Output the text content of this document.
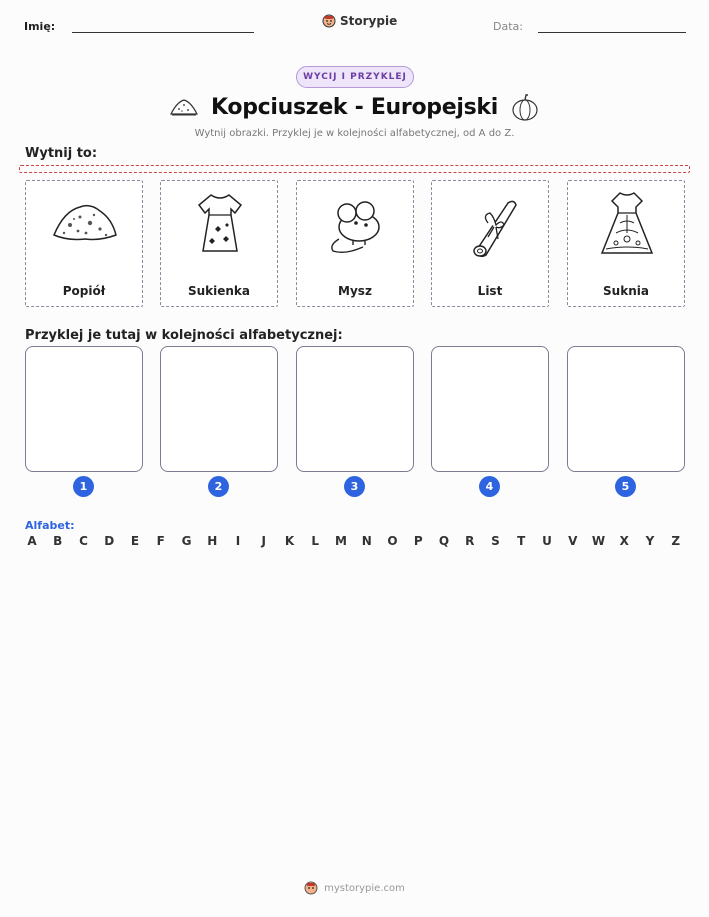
Imię:	Storypie	Data:
WYCIJ I PRZYKLEJ
Kopciuszek - Europejski
Wytnij obrazki. Przyklej je w kolejności alfabetycznej, od A do Z.
Wytnij to:
Popiół	Sukienka	Mysz	List	Suknia
Przyklej je tutaj w kolejności alfabetycznej:
1	2	3	4	5
Alfabet:
A B C D E F G H	I	J	K L M N O P Q R S T U V W X Y Z
mystorypie.com
